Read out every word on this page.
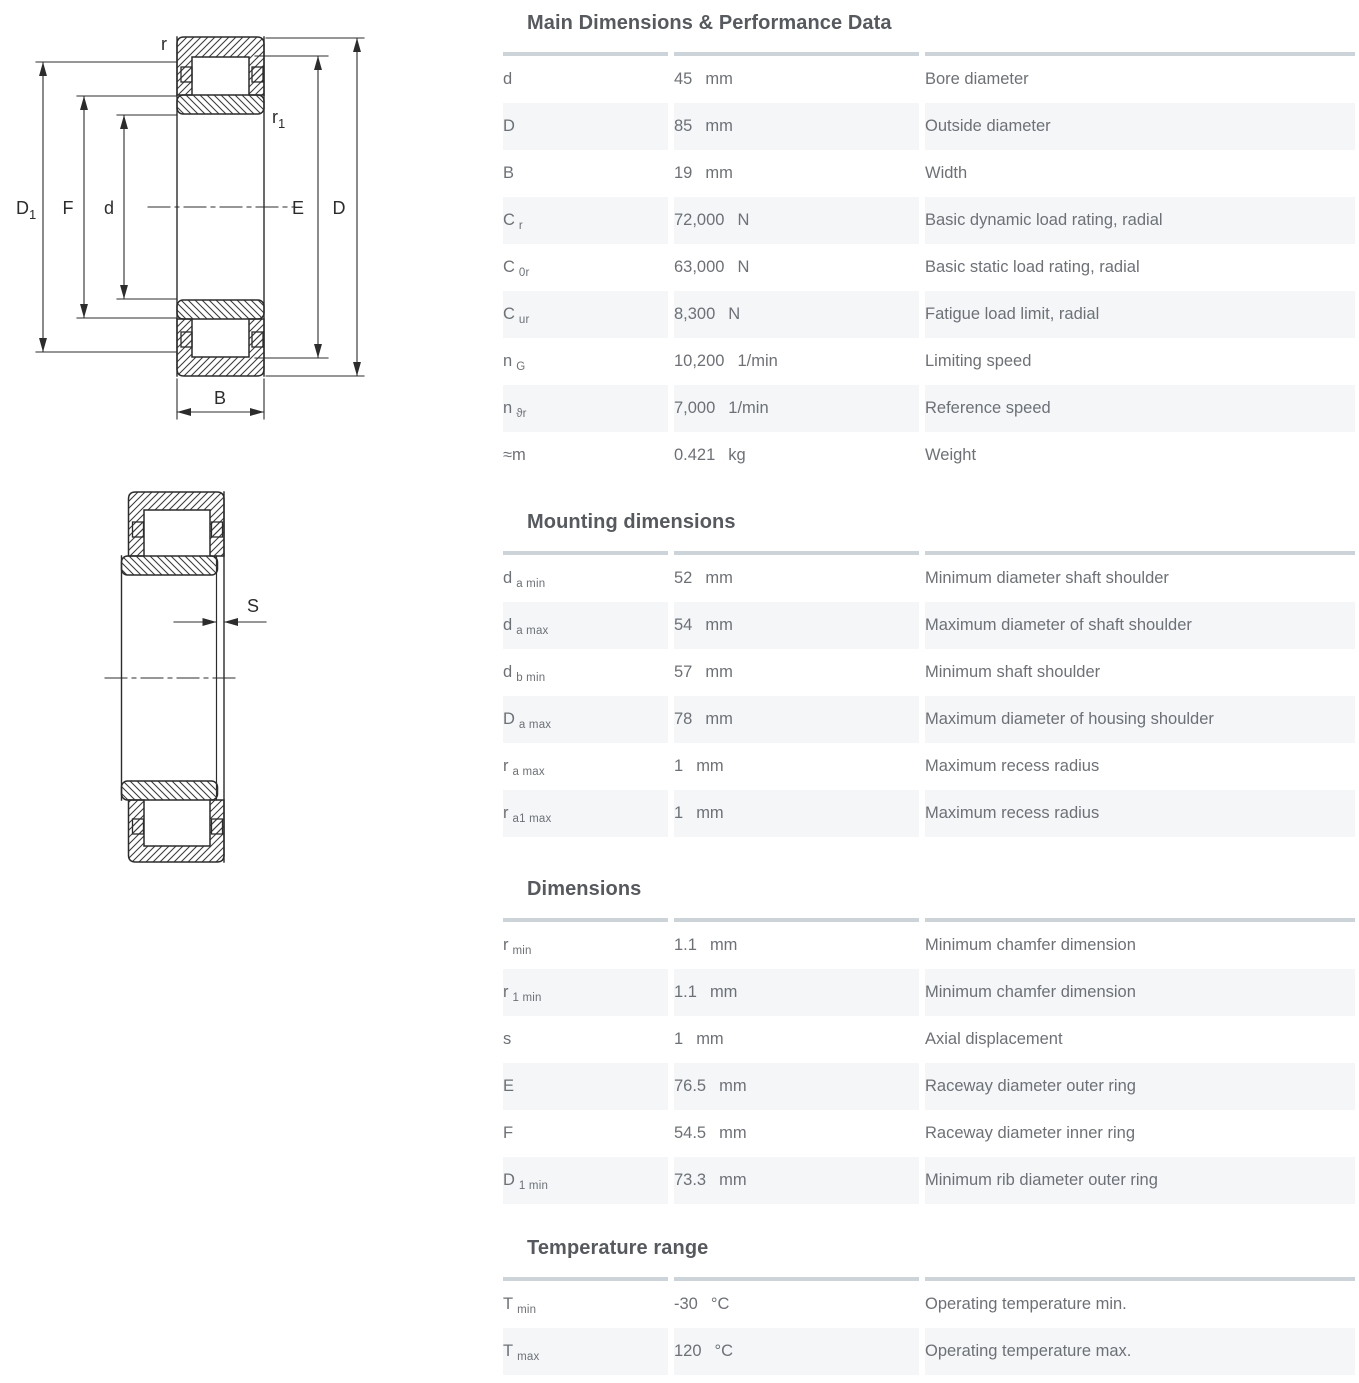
r
$r_1$
$D_1$ F d	E D
B
S
Main Dimensions & Performance Data
d	45 mm	Bore diameter
D	85 mm	Outside diameter
B	19 mm	Width
C $_r$	72,000 N	Basic dynamic load rating, radial
C $_{0r}$	63,000 N	Basic static load rating, radial
C $_{ur}$	8,300 N	Fatigue load limit, radial
n $_G$	10,200 1/min	Limiting speed
n $_{ϑr}$	7,000 1/min	Reference speed
≈m	0.421 kg	Weight
Mounting dimensions
d $_{a min}$	52 mm	Minimum diameter shaft shoulder
d $_{a max}$	54 mm	Maximum diameter of shaft shoulder
d $_{b min}$	57 mm	Minimum shaft shoulder
D $_{a max}$	78 mm	Maximum diameter of housing shoulder
r $_{a max}$	1 mm	Maximum recess radius
r $_{a1 max}$	1 mm	Maximum recess radius
Dimensions
r $_{min}$	1.1 mm	Minimum chamfer dimension
r $_{1 min}$	1.1 mm	Minimum chamfer dimension
s	1 mm	Axial displacement
E	76.5 mm	Raceway diameter outer ring
F	54.5 mm	Raceway diameter inner ring
D $_{1 min}$	73.3 mm	Minimum rib diameter outer ring
Temperature range
T $_{min}$	-30 °C	Operating temperature min.
T $_{max}$	120 °C	Operating temperature max.
